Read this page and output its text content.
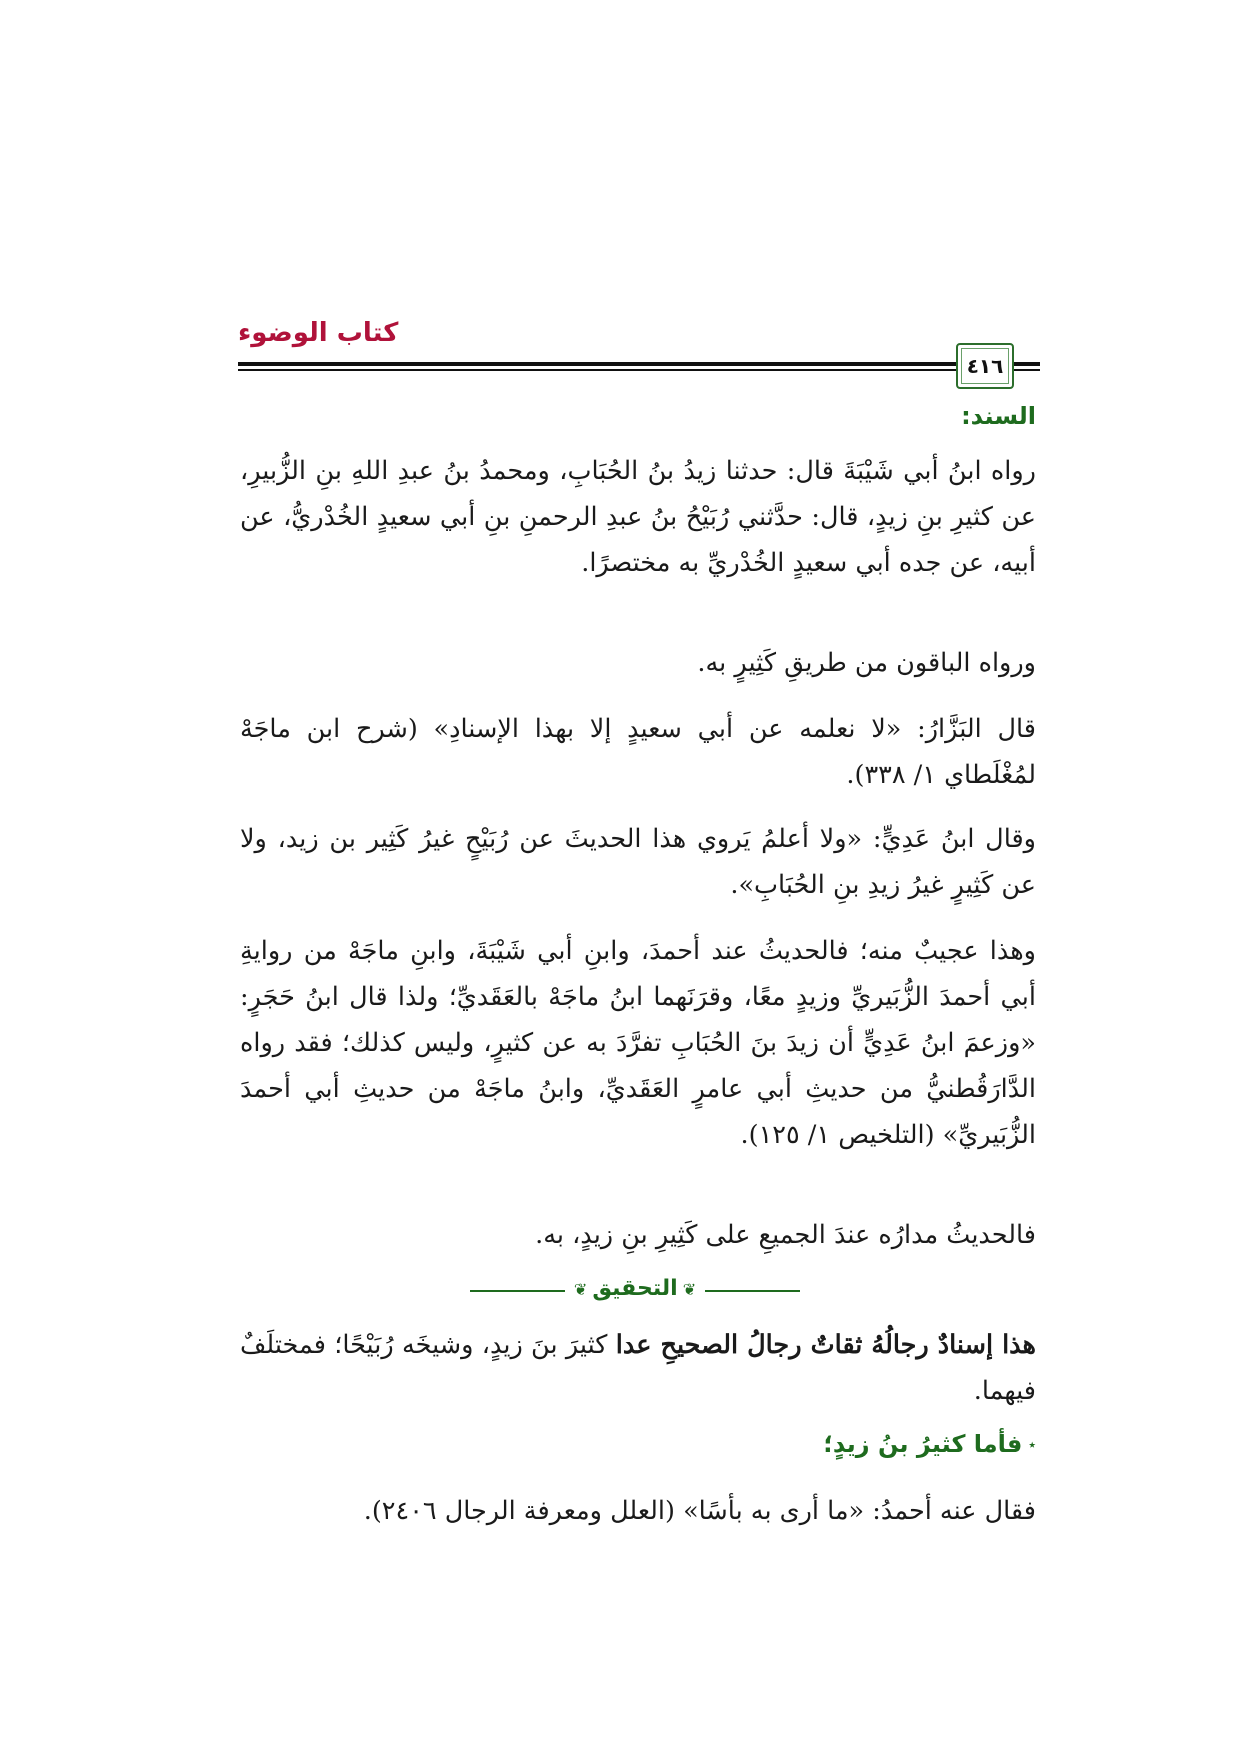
كتاب الوضوء
٤١٦
السند:

رواه ابنُ أبي شَيْبَةَ قال: حدثنا زيدُ بنُ الحُبَابِ، ومحمدُ بنُ عبدِ اللهِ بنِ الزُّبيرِ، عن كثيرِ بنِ زيدٍ، قال: حدَّثني رُبَيْحُ بنُ عبدِ الرحمنِ بنِ أبي سعيدٍ الخُدْريُّ، عن أبيه، عن جده أبي سعيدٍ الخُدْريِّ به مختصرًا.

ورواه الباقون من طريقِ كَثِيرٍ به.

قال البَزَّارُ: «لا نعلمه عن أبي سعيدٍ إلا بهذا الإسنادِ» (شرح ابن ماجَهْ لمُغْلَطاي ١/ ٣٣٨).

وقال ابنُ عَدِيٍّ: «ولا أعلمُ يَروي هذا الحديثَ عن رُبَيْحٍ غيرُ كَثِير بن زيد، ولا عن كَثِيرٍ غيرُ زيدِ بنِ الحُبَابِ».

وهذا عجيبٌ منه؛ فالحديثُ عند أحمدَ، وابنِ أبي شَيْبَةَ، وابنِ ماجَهْ من روايةِ أبي أحمدَ الزُّبَيريِّ وزيدٍ معًا، وقرَنَهما ابنُ ماجَهْ بالعَقَديِّ؛ ولذا قال ابنُ حَجَرٍ: «وزعمَ ابنُ عَدِيٍّ أن زيدَ بنَ الحُبَابِ تفرَّدَ به عن كثيرٍ، وليس كذلك؛ فقد رواه الدَّارَقُطنيُّ من حديثِ أبي عامرٍ العَقَديِّ، وابنُ ماجَهْ من حديثِ أبي أحمدَ الزُّبَيريِّ» (التلخيص ١/ ١٢٥).

فالحديثُ مدارُه عندَ الجميعِ على كَثِيرِ بنِ زيدٍ، به.

❦ التحقيق ❦

هذا إسنادٌ رجالُهُ ثقاتٌ رجالُ الصحيحِ عدا كثيرَ بنَ زيدٍ، وشيخَه رُبَيْحًا؛ فمختلَفٌ فيهما.

٭فأما كثيرُ بنُ زيدٍ؛

فقال عنه أحمدُ: «ما أرى به بأسًا» (العلل ومعرفة الرجال ٢٤٠٦).
